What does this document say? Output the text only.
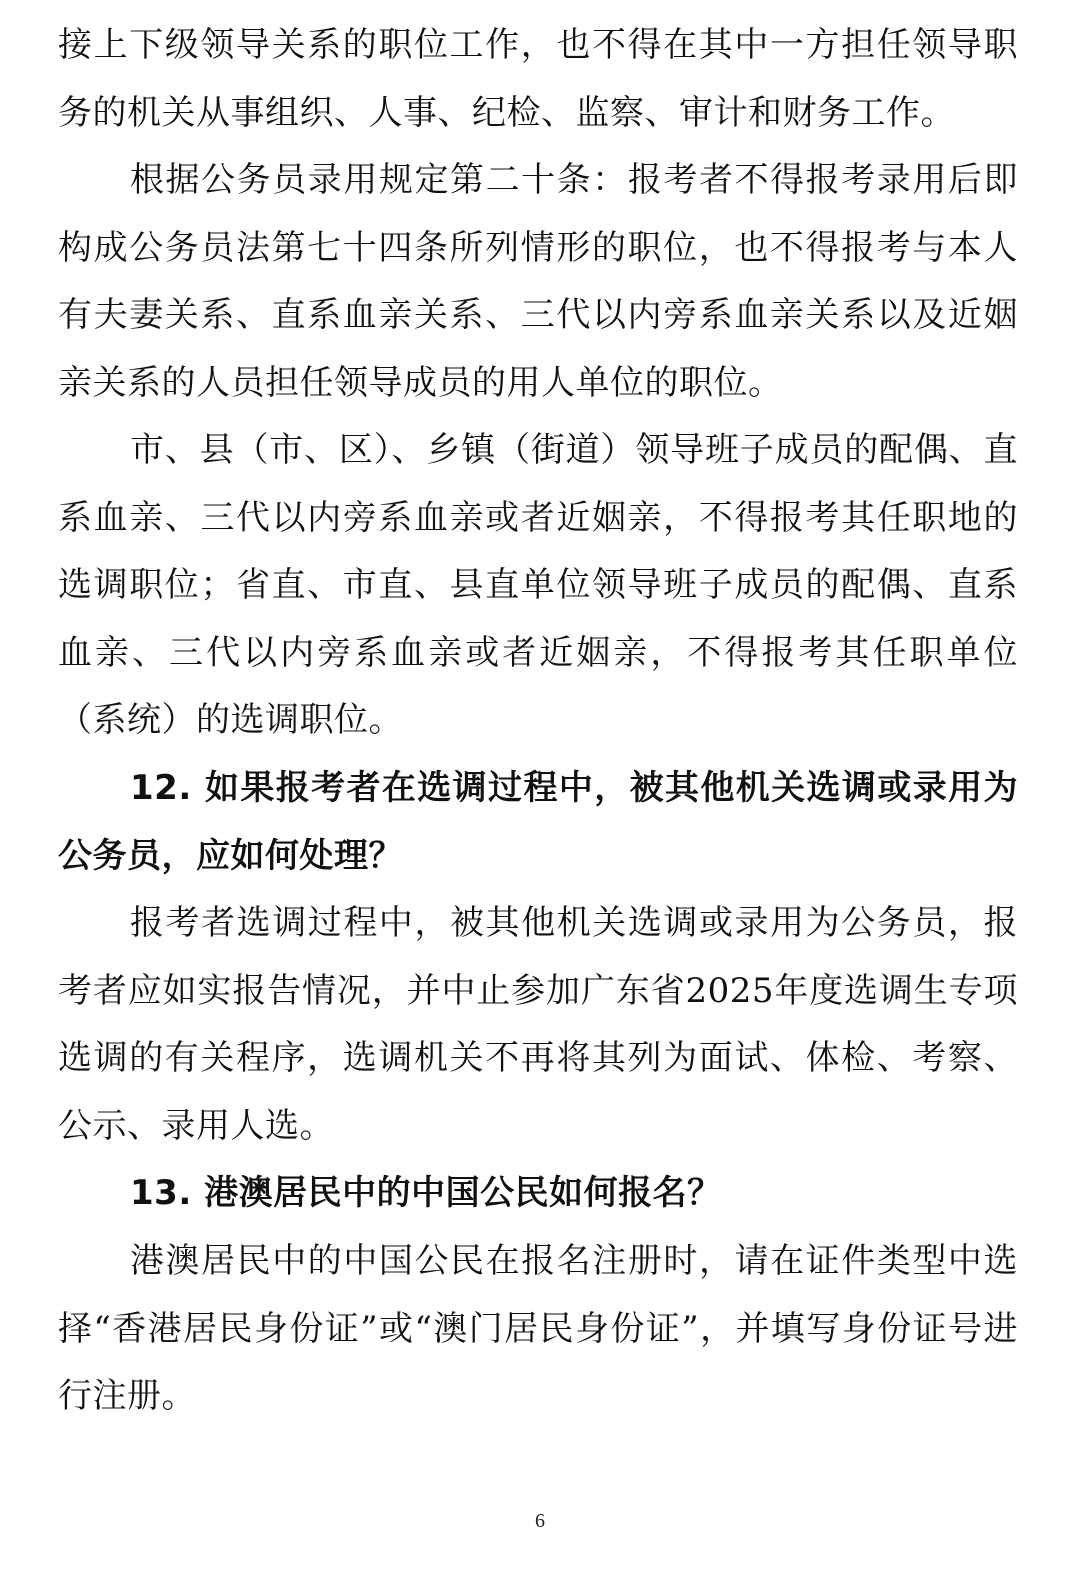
接上下级领导关系的职位工作，也不得在其中一方担任领导职务的机关从事组织、人事、纪检、监察、审计和财务工作。

根据公务员录用规定第二十条：报考者不得报考录用后即构成公务员法第七十四条所列情形的职位，也不得报考与本人有夫妻关系、直系血亲关系、三代以内旁系血亲关系以及近姻亲关系的人员担任领导成员的用人单位的职位。

市、县（市、区）、乡镇（街道）领导班子成员的配偶、直系血亲、三代以内旁系血亲或者近姻亲，不得报考其任职地的选调职位；省直、市直、县直单位领导班子成员的配偶、直系血亲、三代以内旁系血亲或者近姻亲，不得报考其任职单位（系统）的选调职位。

12. 如果报考者在选调过程中，被其他机关选调或录用为公务员，应如何处理？

报考者选调过程中，被其他机关选调或录用为公务员，报考者应如实报告情况，并中止参加广东省2025年度选调生专项选调的有关程序，选调机关不再将其列为面试、体检、考察、公示、录用人选。

13. 港澳居民中的中国公民如何报名？

港澳居民中的中国公民在报名注册时，请在证件类型中选择“香港居民身份证”或“澳门居民身份证”，并填写身份证号进行注册。

6
